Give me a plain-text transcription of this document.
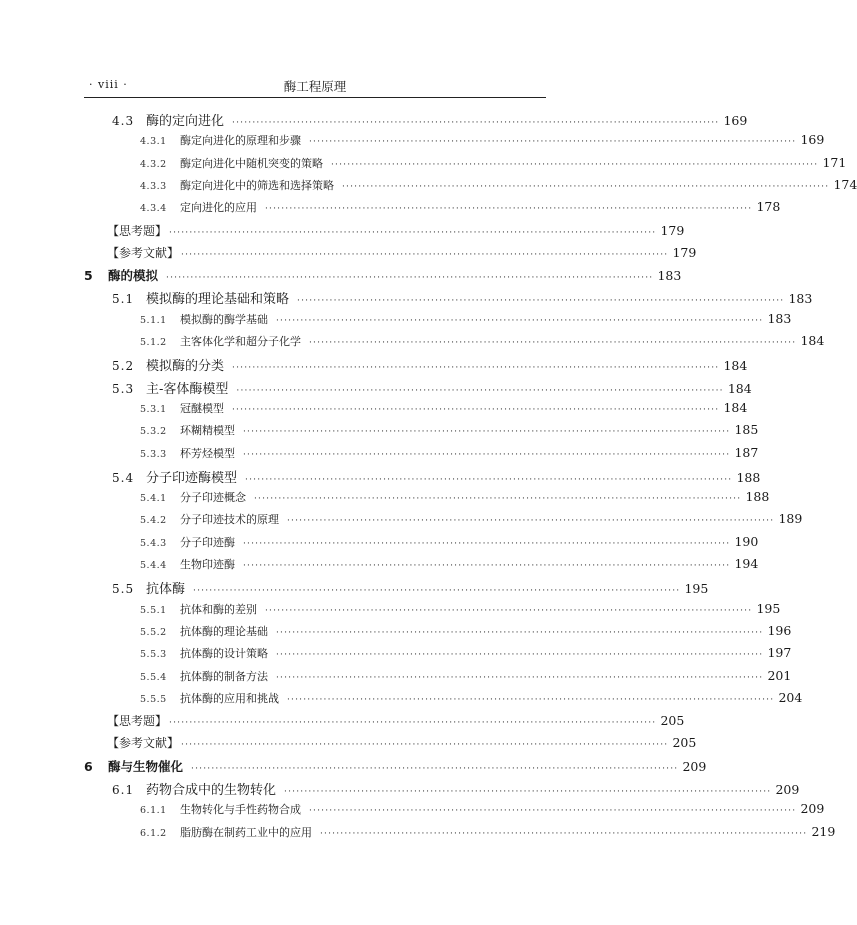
· viii ·	酶工程原理
4.3 酶的定向进化 ························································································································ 169
4.3.1	酶定向进化的原理和步骤 ························································································································ 169
4.3.2	酶定向进化中随机突变的策略 ························································································································ 171
4.3.3	酶定向进化中的筛选和选择策略 ························································································································ 174
4.3.4	定向进化的应用 ························································································································ 178
【思考题】 ························································································································ 179
【参考文献】 ························································································································ 179
5	酶的模拟 ························································································································ 183
5.1 模拟酶的理论基础和策略 ························································································································ 183
5.1.1	模拟酶的酶学基础 ························································································································ 183
5.1.2	主客体化学和超分子化学 ························································································································ 184
5.2 模拟酶的分类 ························································································································ 184
5.3 主-客体酶模型 ························································································································ 184
5.3.1	冠醚模型 ························································································································ 184
5.3.2	环糊精模型 ························································································································ 185
5.3.3	杯芳烃模型 ························································································································ 187
5.4 分子印迹酶模型 ························································································································ 188
5.4.1	分子印迹概念 ························································································································ 188
5.4.2	分子印迹技术的原理 ························································································································ 189
5.4.3	分子印迹酶 ························································································································ 190
5.4.4	生物印迹酶 ························································································································ 194
5.5 抗体酶 ························································································································ 195
5.5.1	抗体和酶的差别 ························································································································ 195
5.5.2	抗体酶的理论基础 ························································································································ 196
5.5.3	抗体酶的设计策略 ························································································································ 197
5.5.4	抗体酶的制备方法 ························································································································ 201
5.5.5	抗体酶的应用和挑战 ························································································································ 204
【思考题】 ························································································································ 205
【参考文献】 ························································································································ 205
6	酶与生物催化 ························································································································ 209
6.1 药物合成中的生物转化 ························································································································ 209
6.1.1	生物转化与手性药物合成 ························································································································ 209
6.1.2	脂肪酶在制药工业中的应用 ························································································································ 219
